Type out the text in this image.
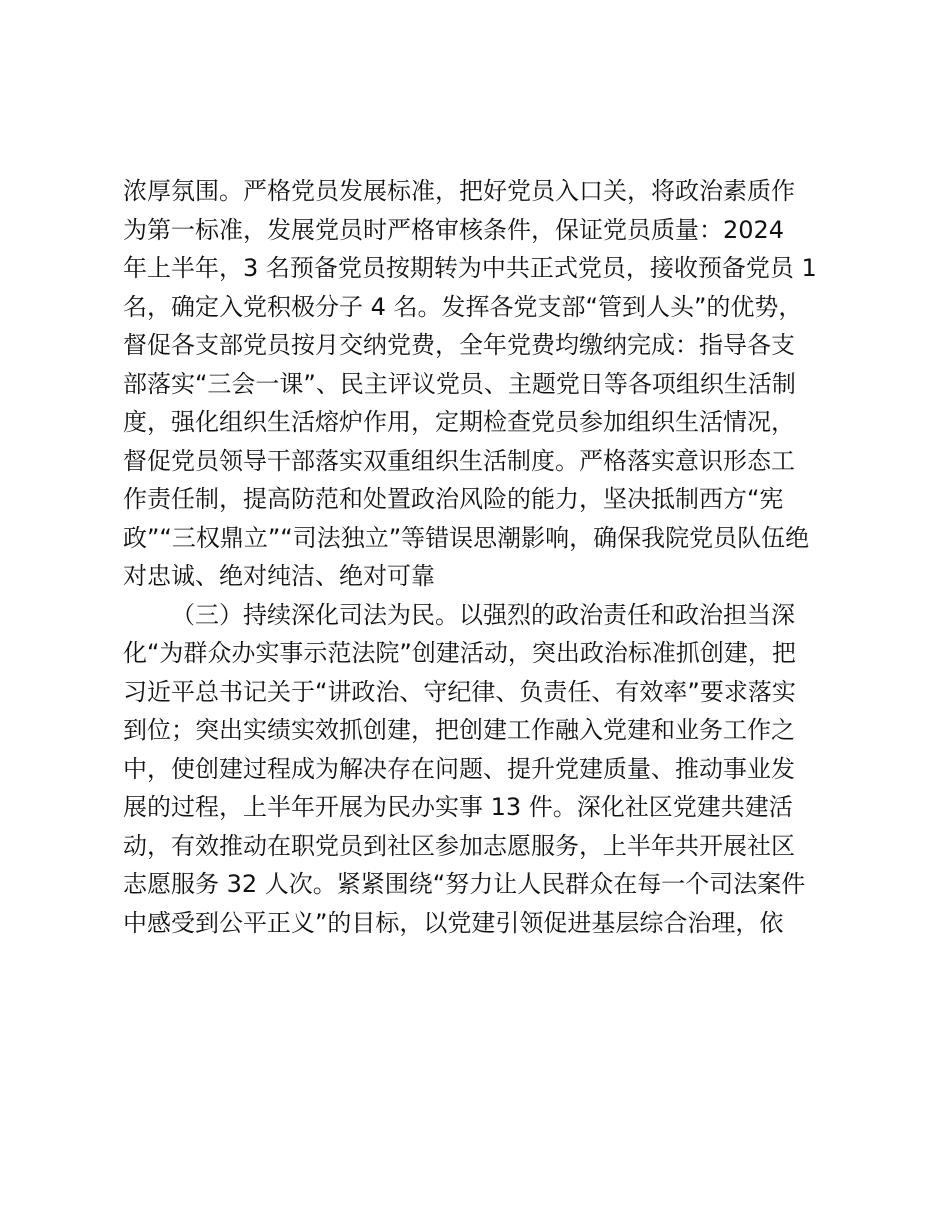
浓厚氛围。严格党员发展标准，把好党员入口关，将政治素质作
为第一标准，发展党员时严格审核条件，保证党员质量：2024
年上半年，3 名预备党员按期转为中共正式党员，接收预备党员 1
名，确定入党积极分子 4 名。发挥各党支部“管到人头”的优势，
督促各支部党员按月交纳党费，全年党费均缴纳完成：指导各支
部落实“三会一课”、民主评议党员、主题党日等各项组织生活制
度，强化组织生活熔炉作用，定期检查党员参加组织生活情况，
督促党员领导干部落实双重组织生活制度。严格落实意识形态工
作责任制，提高防范和处置政治风险的能力，坚决抵制西方“宪
政”“三权鼎立”“司法独立”等错误思潮影响，确保我院党员队伍绝
对忠诚、绝对纯洁、绝对可靠
（三）持续深化司法为民。以强烈的政治责任和政治担当深
化“为群众办实事示范法院”创建活动，突出政治标准抓创建，把
习近平总书记关于“讲政治、守纪律、负责任、有效率”要求落实
到位；突出实绩实效抓创建，把创建工作融入党建和业务工作之
中，使创建过程成为解决存在问题、提升党建质量、推动事业发
展的过程，上半年开展为民办实事 13 件。深化社区党建共建活
动，有效推动在职党员到社区参加志愿服务，上半年共开展社区
志愿服务 32 人次。紧紧围绕“努力让人民群众在每一个司法案件
中感受到公平正义”的目标，以党建引领促进基层综合治理，依
